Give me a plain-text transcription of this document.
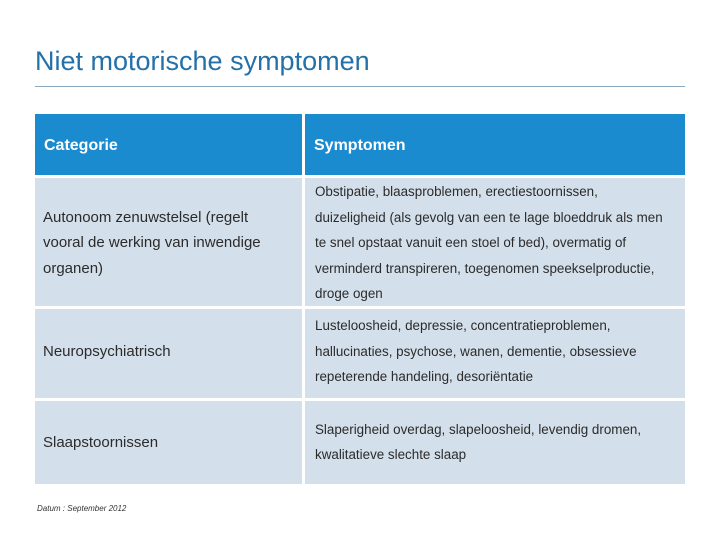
Niet motorische symptomen
Categorie	Symptomen
Autonoom zenuwstelsel (regelt
vooral de werking van inwendige
organen)
Obstipatie, blaasproblemen, erectiestoornissen,
duizeligheid (als gevolg van een te lage bloeddruk als men
te snel opstaat vanuit een stoel of bed), overmatig of
verminderd transpireren, toegenomen speekselproductie,
droge ogen
Neuropsychiatrisch
Lusteloosheid, depressie, concentratieproblemen,
hallucinaties, psychose, wanen, dementie, obsessieve
repeterende handeling, desoriëntatie
Slaapstoornissen
Slaperigheid overdag, slapeloosheid, levendig dromen,
kwalitatieve slechte slaap
Datum : September 2012
